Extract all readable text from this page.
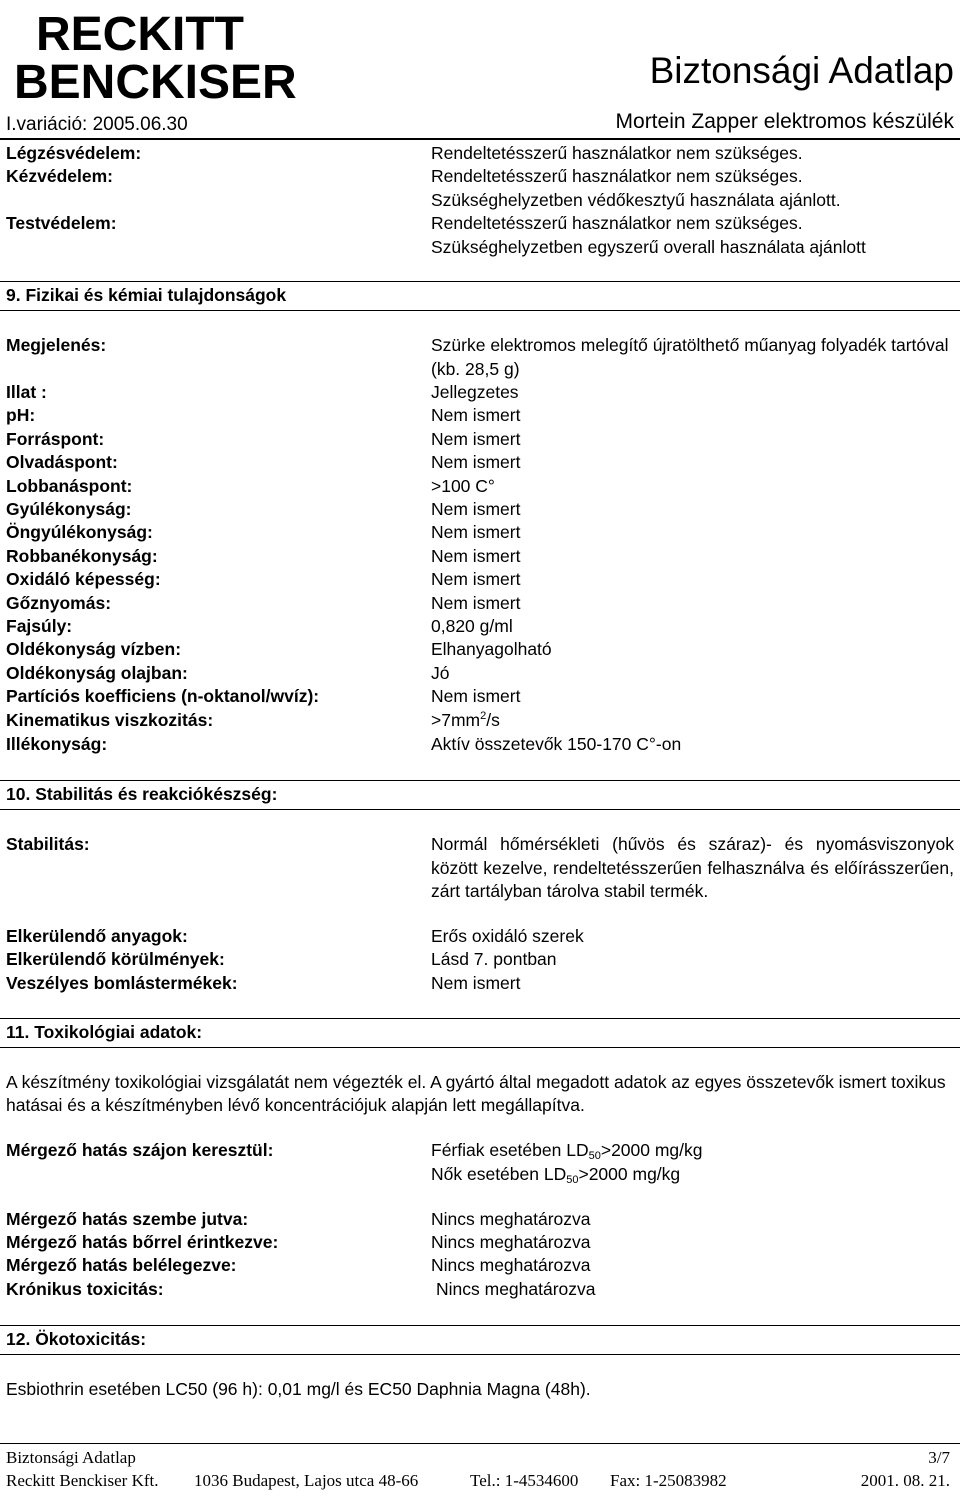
RECKITT
BENCKISER	Biztonsági Adatlap
I.variáció: 2005.06.30	Mortein Zapper elektromos készülék
Légzésvédelem:	Rendeltetésszerű használatkor nem szükséges.
Kézvédelem:	Rendeltetésszerű használatkor nem szükséges.
Szükséghelyzetben védőkesztyű használata ajánlott.
Testvédelem:	Rendeltetésszerű használatkor nem szükséges.
Szükséghelyzetben egyszerű overall használata ajánlott
9. Fizikai és kémiai tulajdonságok
Megjelenés:	Szürke elektromos melegítő újratölthető műanyag folyadék tartóval (kb. 28,5 g)
Illat :	Jellegzetes
pH:	Nem ismert
Forráspont:	Nem ismert
Olvadáspont:	Nem ismert
Lobbanáspont:	>100 C°
Gyúlékonyság:	Nem ismert
Öngyúlékonyság:	Nem ismert
Robbanékonyság:	Nem ismert
Oxidáló képesség:	Nem ismert
Gőznyomás:	Nem ismert
Fajsúly:	0,820 g/ml
Oldékonyság vízben:	Elhanyagolható
Oldékonyság olajban:	Jó
Partíciós koefficiens (n-oktanol/wvíz):	Nem ismert
Kinematikus viszkozitás:	$>7mm^2/s$
Illékonyság:	Aktív összetevők 150-170 C°-on
10. Stabilitás és reakciókészség:
Stabilitás:	Normál hőmérsékleti (hűvös és száraz)- és nyomásviszonyok között kezelve, rendeltetésszerűen felhasználva és előírásszerűen, zárt tartályban tárolva stabil termék.
Elkerülendő anyagok:	Erős oxidáló szerek
Elkerülendő körülmények:	Lásd 7. pontban
Veszélyes bomlástermékek:	Nem ismert
11. Toxikológiai adatok:
A készítmény toxikológiai vizsgálatát nem végezték el. A gyártó által megadott adatok az egyes összetevők ismert toxikus hatásai és a készítményben lévő koncentrációjuk alapján lett megállapítva.
Mérgező hatás szájon keresztül:	Férfiak esetében $LD_{50}>2000$ mg/kg
Nők esetében $LD_{50}>2000$ mg/kg
Mérgező hatás szembe jutva:	Nincs meghatározva
Mérgező hatás bőrrel érintkezve:	Nincs meghatározva
Mérgező hatás belélegezve:	Nincs meghatározva
Krónikus toxicitás:	Nincs meghatározva
12. Ökotoxicitás:
Esbiothrin esetében LC50 (96 h): 0,01 mg/l és EC50 Daphnia Magna (48h).
Biztonsági Adatlap	3/7
Reckitt Benckiser Kft. 1036 Budapest, Lajos utca 48-66	Tel.: 1-4534600 Fax: 1-25083982	2001. 08. 21.
